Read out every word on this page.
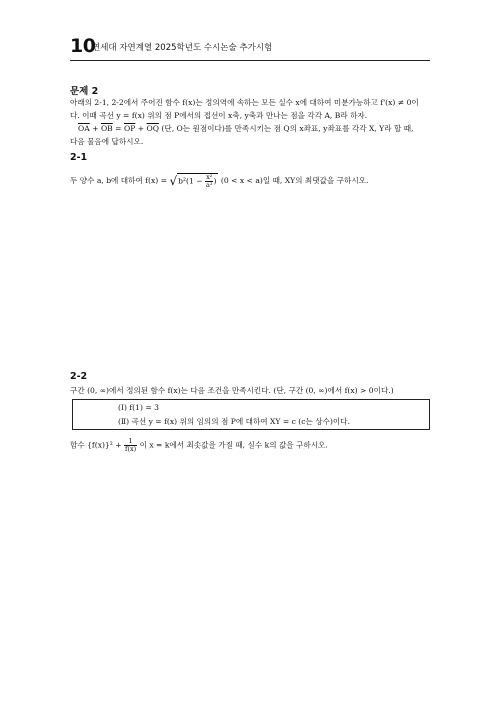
10
연세대 자연계열 2025학년도 수시논술 추가시험
문제 2
아래의 2-1, 2-2에서 주어진 함수 f(x)는 정의역에 속하는 모든 실수 x에 대하여 미분가능하고 f'(x) ≠ 0이
다. 이때 곡선 y = f(x) 위의 점 P에서의 접선이 x축, y축과 만나는 점을 각각 A, B라 하자.
$\overline{OA} + \overline{OB} = \overline{OP} + \overline{OQ}$ (단, O는 원점이다)를 만족시키는 점 Q의 x좌표, y좌표를 각각 X, Y라 할 때,
다음 물음에 답하시오.
2-1
두 양수 a, b에 대하여 $f(x) = √b^2(1 - \frac{\text{x²}}{\text{a²}}$ ) (0 < x < a)일 때, XY의 최댓값을 구하시오.
2-2
구간 (0, ∞)에서 정의된 함수 f(x)는 다음 조건을 만족시킨다. (단, 구간 (0, ∞)에서 f(x) > 0이다.)
(Ⅰ) f(1) = 3
(Ⅱ) 곡선 y = f(x) 위의 임의의 점 P에 대하여 XY = c (c는 상수)이다.
함수 $\{f(x)\}^2 + \frac{1}{f(x)}$ 이 x = k에서 최솟값을 가질 때, 실수 k의 값을 구하시오.
